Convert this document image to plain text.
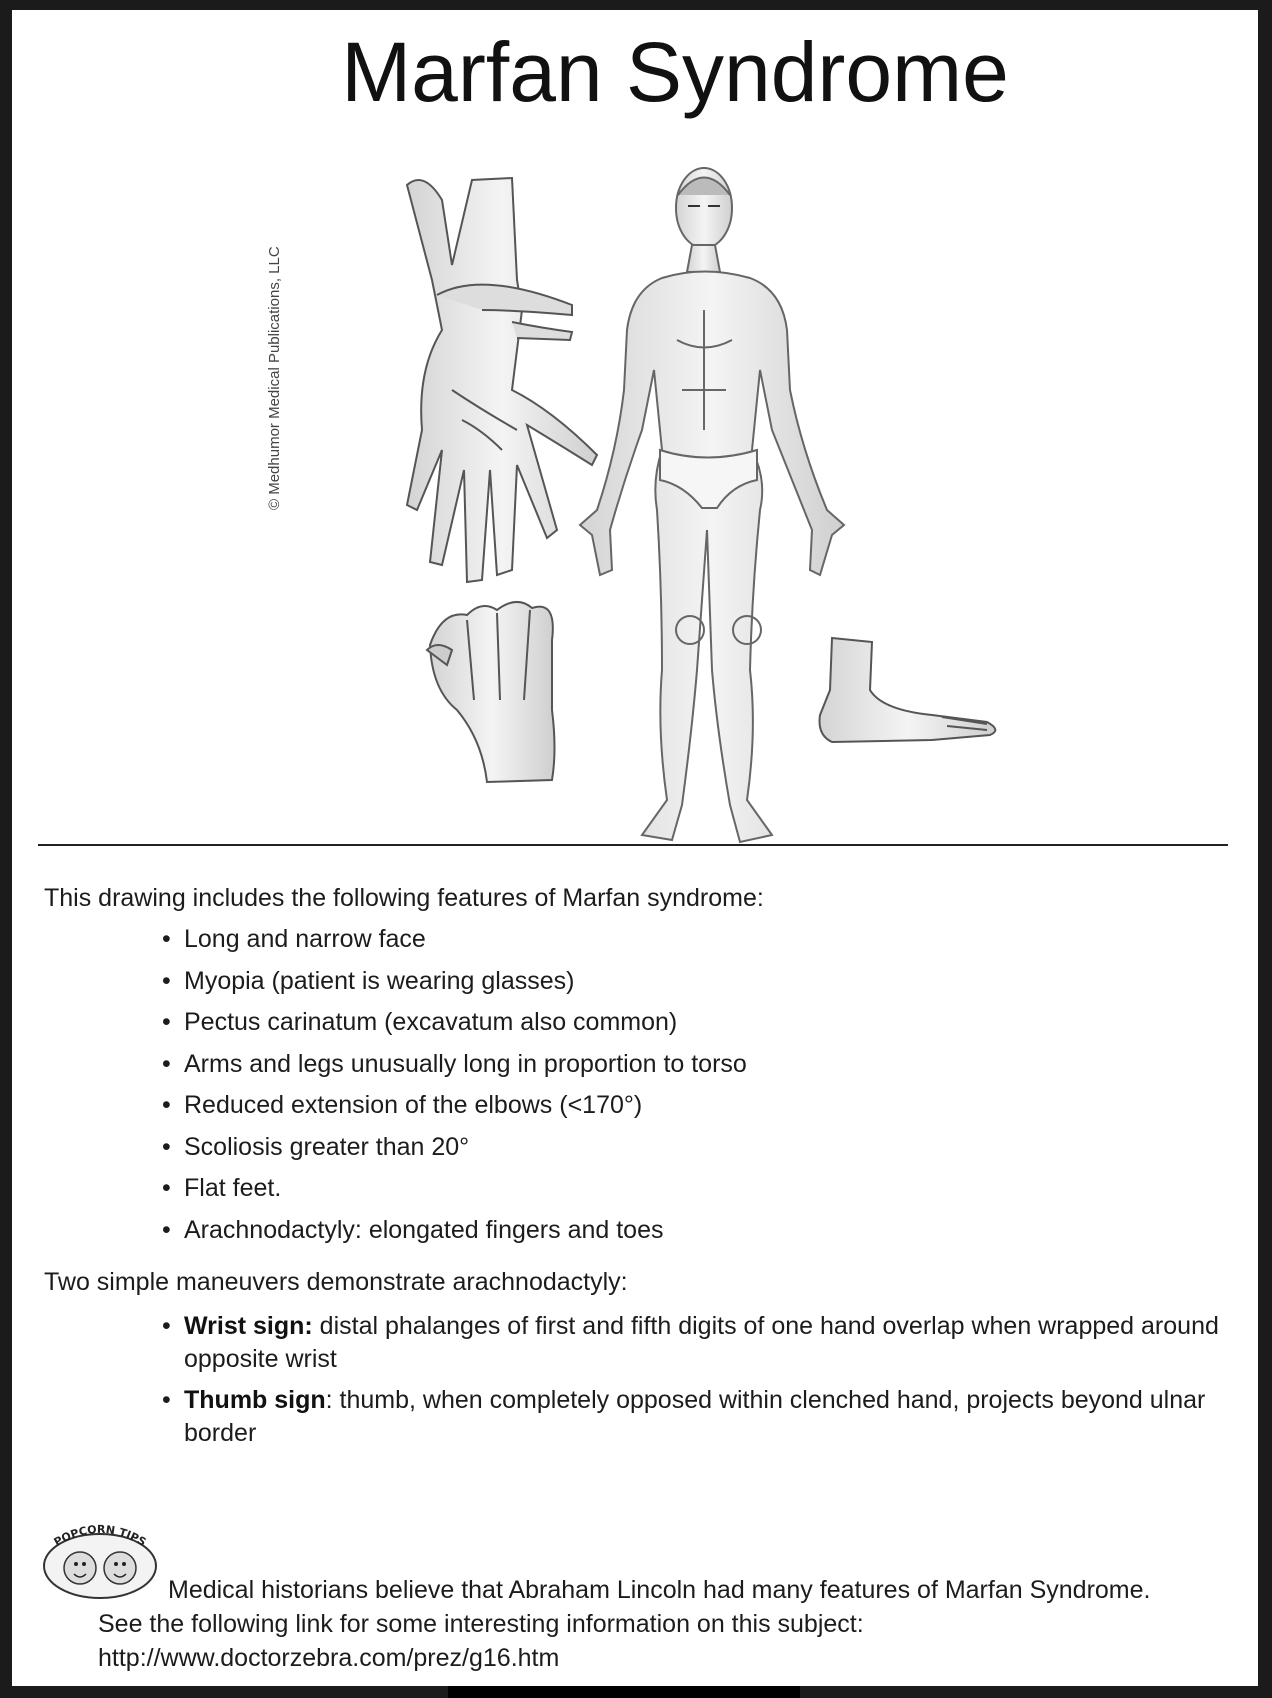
Marfan Syndrome
© Medhumor Medical Publications, LLC
This drawing includes the following features of Marfan syndrome:
• Long and narrow face
• Myopia (patient is wearing glasses)
• Pectus carinatum (excavatum also common)
• Arms and legs unusually long in proportion to torso
• Reduced extension of the elbows (<170°)
• Scoliosis greater than 20°
• Flat feet.
• Arachnodactyly: elongated fingers and toes
Two simple maneuvers demonstrate arachnodactyly:
• Wrist sign: distal phalanges of first and fifth digits of one hand overlap when wrapped around opposite wrist
• Thumb sign: thumb, when completely opposed within clenched hand, projects beyond ulnar border
POPCORN TIPS
Medical historians believe that Abraham Lincoln had many features of Marfan Syndrome.
See the following link for some interesting information on this subject:
http://www.doctorzebra.com/prez/g16.htm
